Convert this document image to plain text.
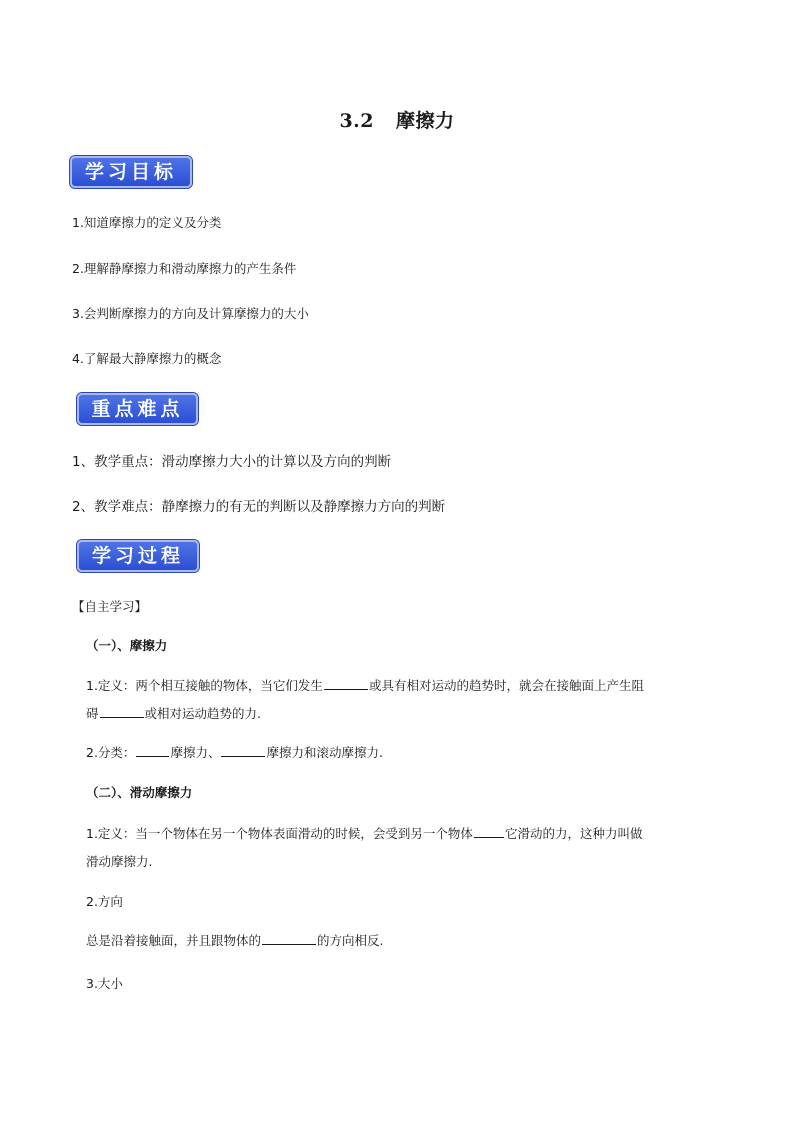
3.2 摩擦力
学习目标
1.知道摩擦力的定义及分类
2.理解静摩擦力和滑动摩擦力的产生条件
3.会判断摩擦力的方向及计算摩擦力的大小
4.了解最大静摩擦力的概念
重点难点
1、教学重点：滑动摩擦力大小的计算以及方向的判断
2、教学难点：静摩擦力的有无的判断以及静摩擦力方向的判断
学习过程
【自主学习】
（一）、摩擦力
1.定义：两个相互接触的物体，当它们发生	或具有相对运动的趋势时，就会在接触面上产生阻
碍	或相对运动趋势的力.
2.分类：	摩擦力、	摩擦力和滚动摩擦力.
（二）、滑动摩擦力
1.定义：当一个物体在另一个物体表面滑动的时候，会受到另一个物体	它滑动的力，这种力叫做
滑动摩擦力.
2.方向
总是沿着接触面，并且跟物体的	的方向相反.
3.大小
